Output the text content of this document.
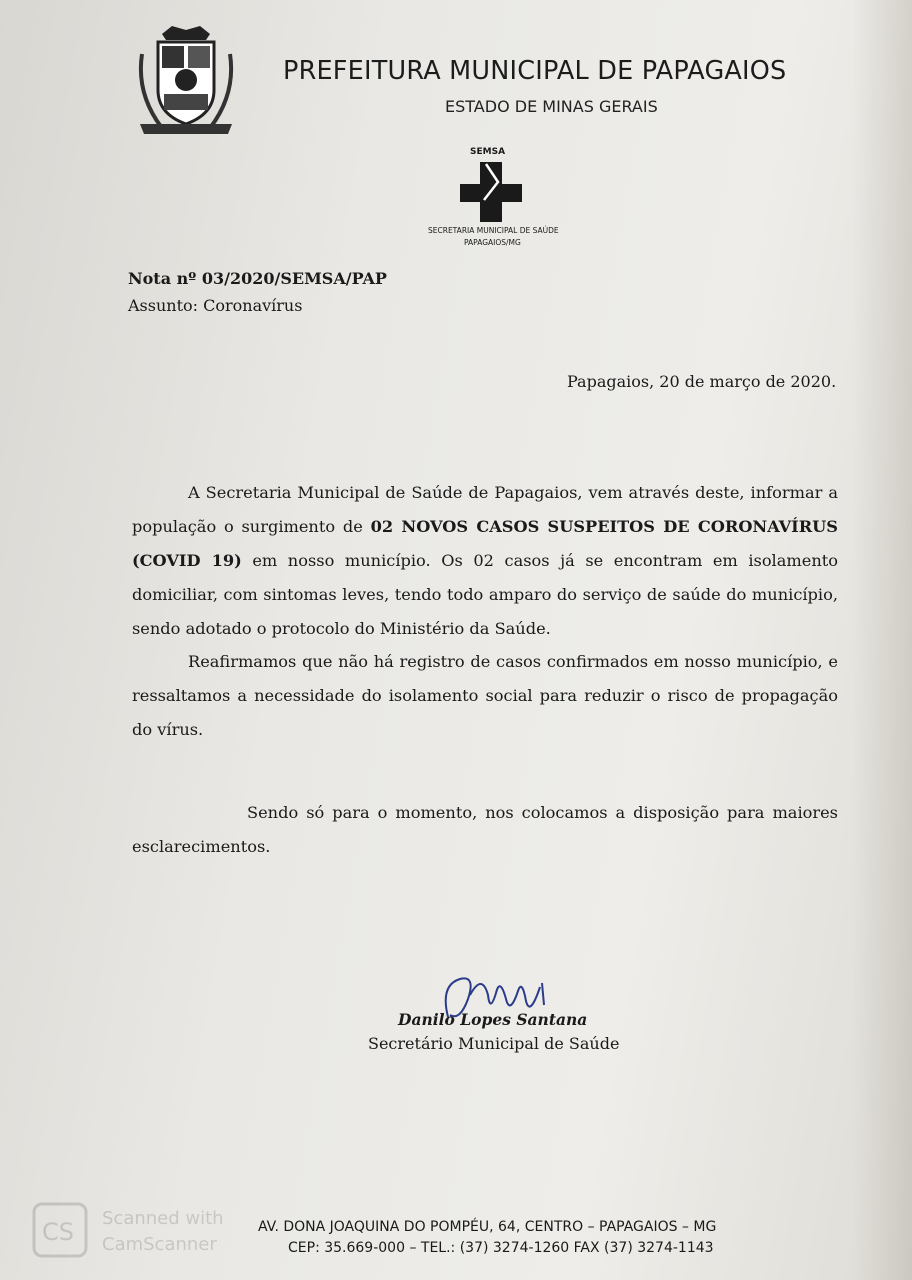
PREFEITURA MUNICIPAL DE PAPAGAIOS
ESTADO DE MINAS GERAIS
SEMSA
SECRETARIA MUNICIPAL DE SAÚDE
PAPAGAIOS/MG
Nota nº 03/2020/SEMSA/PAP
Assunto: Coronavírus
Papagaios, 20 de março de 2020.

A Secretaria Municipal de Saúde de Papagaios, vem através deste, informar a população o surgimento de 02 NOVOS CASOS SUSPEITOS DE CORONAVÍRUS (COVID 19) em nosso município. Os 02 casos já se encontram em isolamento domiciliar, com sintomas leves, tendo todo amparo do serviço de saúde do município, sendo adotado o protocolo do Ministério da Saúde.

Reafirmamos que não há registro de casos confirmados em nosso município, e ressaltamos a necessidade do isolamento social para reduzir o risco de propagação do vírus.

Sendo só para o momento, nos colocamos a disposição para maiores esclarecimentos.

Danilo Lopes Santana
Secretário Municipal de Saúde
AV. DONA JOAQUINA DO POMPÉU, 64, CENTRO – PAPAGAIOS – MG
CEP: 35.669-000 – TEL.: (37) 3274-1260 FAX (37) 3274-1143
CS Scanned with
CamScanner
